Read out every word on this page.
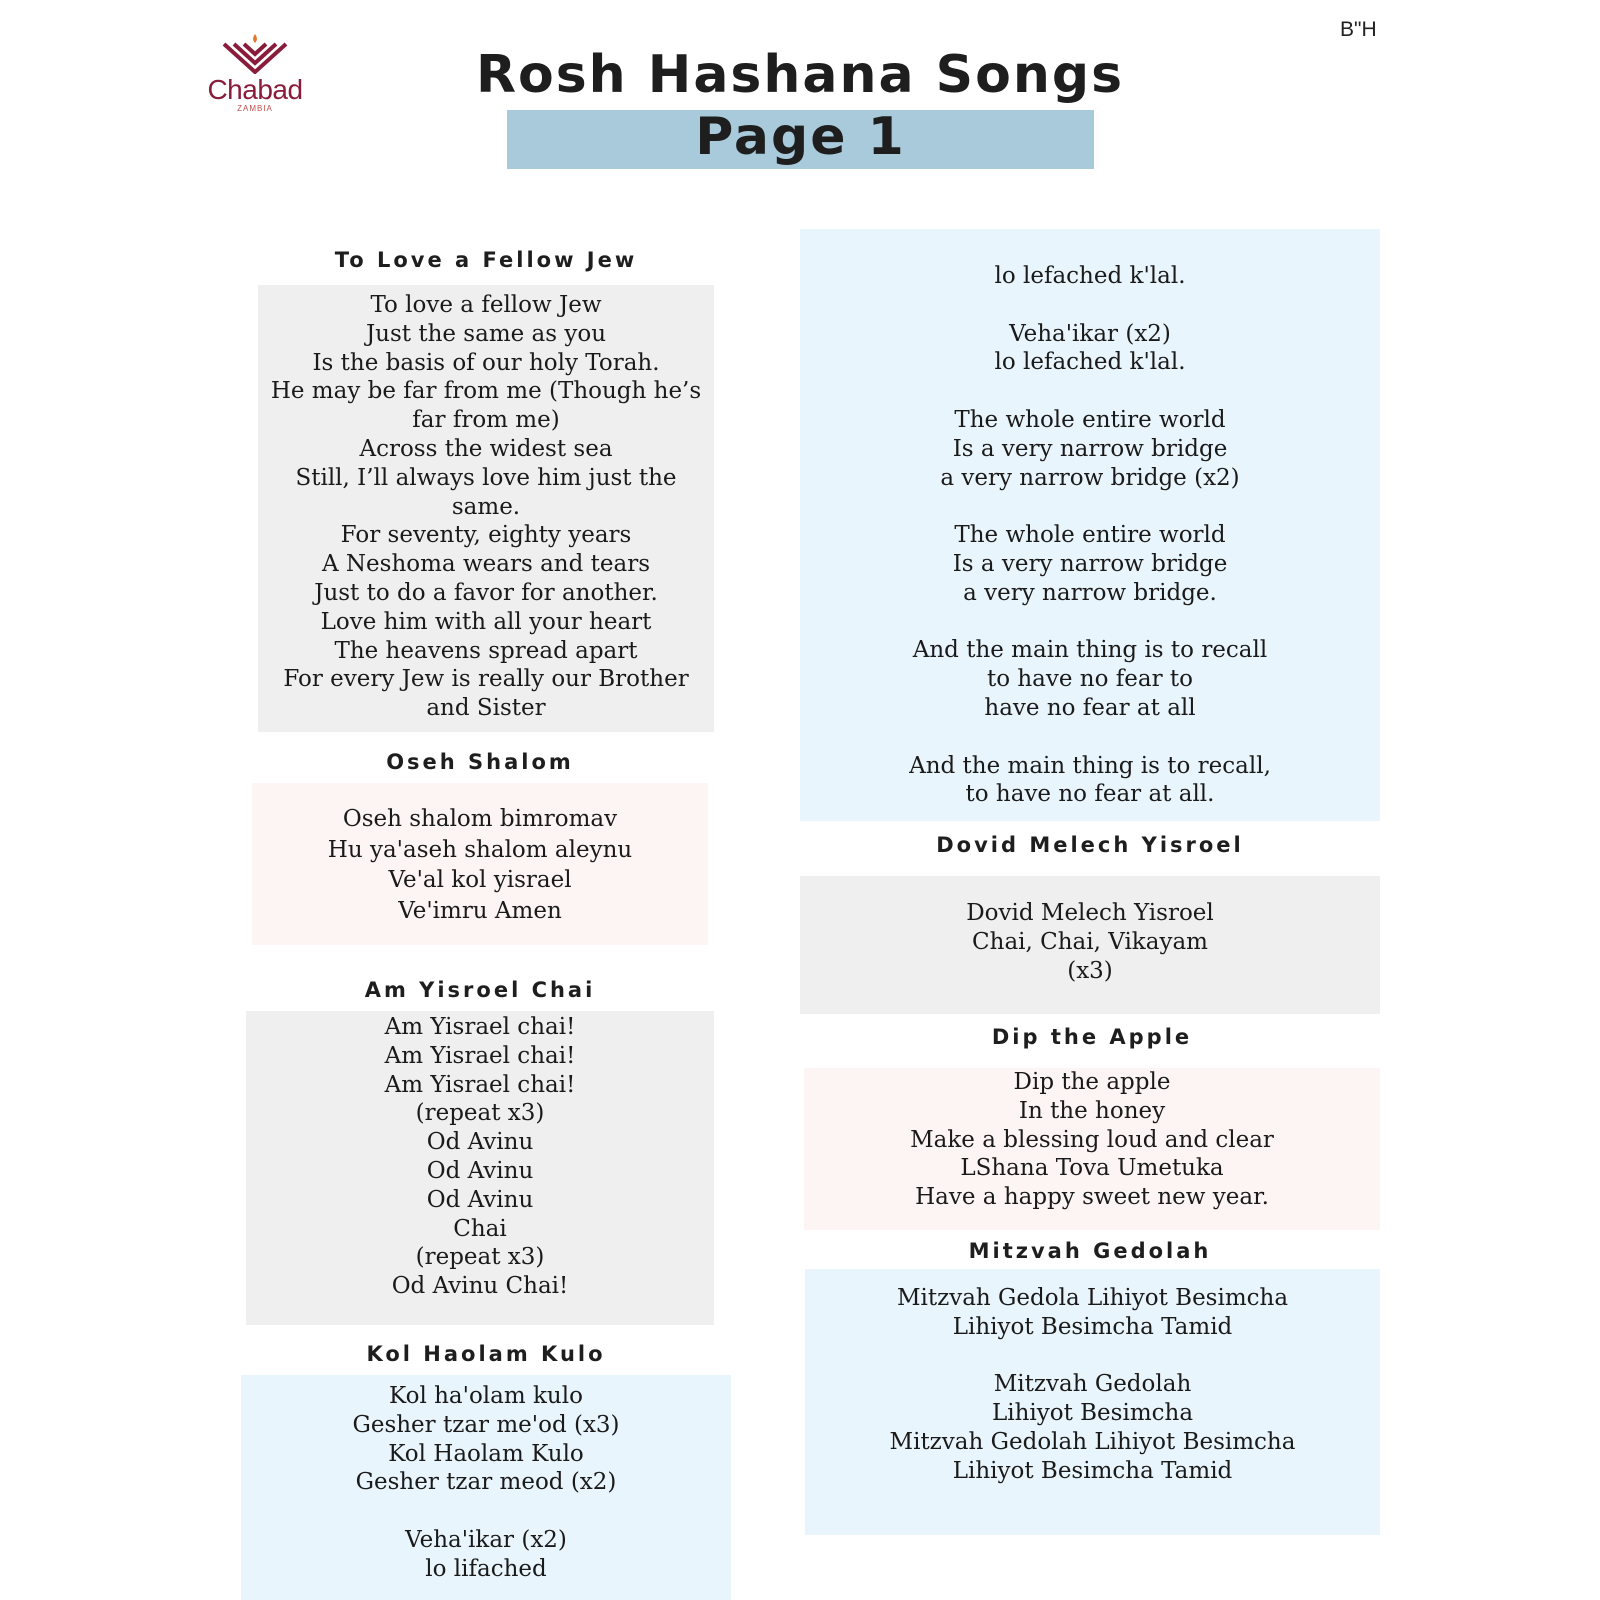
B"H
Chabad
ZAMBIA
Rosh Hashana Songs
Page 1
To Love a Fellow Jew
To love a fellow Jew
Just the same as you
Is the basis of our holy Torah.
He may be far from me (Though he’s
far from me)
Across the widest sea
Still, I’ll always love him just the
same.
For seventy, eighty years
A Neshoma wears and tears
Just to do a favor for another.
Love him with all your heart
The heavens spread apart
For every Jew is really our Brother
and Sister
Oseh Shalom
Oseh shalom bimromav
Hu ya'aseh shalom aleynu
Ve'al kol yisrael
Ve'imru Amen
Am Yisroel Chai
Am Yisrael chai!
Am Yisrael chai!
Am Yisrael chai!
(repeat x3)
Od Avinu
Od Avinu
Od Avinu
Chai
(repeat x3)
Od Avinu Chai!
Kol Haolam Kulo
Kol ha'olam kulo
Gesher tzar me'od (x3)
Kol Haolam Kulo
Gesher tzar meod (x2)
Veha'ikar (x2)
lo lifached
lo lefached k'lal.
Veha'ikar (x2)
lo lefached k'lal.
The whole entire world
Is a very narrow bridge
a very narrow bridge (x2)
The whole entire world
Is a very narrow bridge
a very narrow bridge.
And the main thing is to recall
to have no fear to
have no fear at all
And the main thing is to recall,
to have no fear at all.
Dovid Melech Yisroel
Dovid Melech Yisroel
Chai, Chai, Vikayam
(x3)
Dip the Apple
Dip the apple
In the honey
Make a blessing loud and clear
LShana Tova Umetuka
Have a happy sweet new year.
Mitzvah Gedolah
Mitzvah Gedola Lihiyot Besimcha
Lihiyot Besimcha Tamid
Mitzvah Gedolah
Lihiyot Besimcha
Mitzvah Gedolah Lihiyot Besimcha
Lihiyot Besimcha Tamid
